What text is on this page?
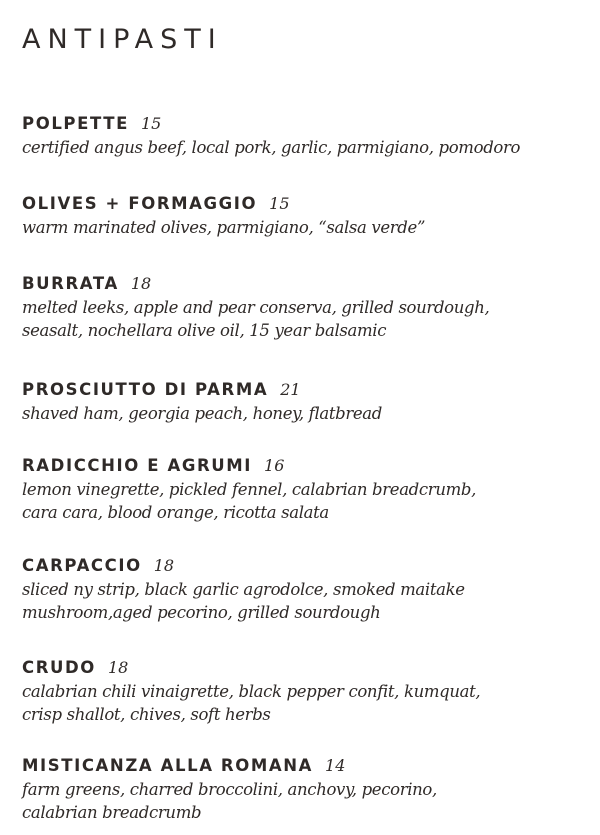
ANTIPASTI
POLPETTE 15
certified angus beef, local pork, garlic, parmigiano, pomodoro
OLIVES + FORMAGGIO 15
warm marinated olives, parmigiano, “salsa verde”
BURRATA 18
melted leeks, apple and pear conserva, grilled sourdough,
seasalt, nochellara olive oil, 15 year balsamic
PROSCIUTTO DI PARMA 21
shaved ham, georgia peach, honey, flatbread
RADICCHIO E AGRUMI 16
lemon vinegrette, pickled fennel, calabrian breadcrumb,
cara cara, blood orange, ricotta salata
CARPACCIO 18
sliced ny strip, black garlic agrodolce, smoked maitake
mushroom,aged pecorino, grilled sourdough
CRUDO 18
calabrian chili vinaigrette, black pepper confit, kumquat,
crisp shallot, chives, soft herbs
MISTICANZA ALLA ROMANA 14
farm greens, charred broccolini, anchovy, pecorino,
calabrian breadcrumb
